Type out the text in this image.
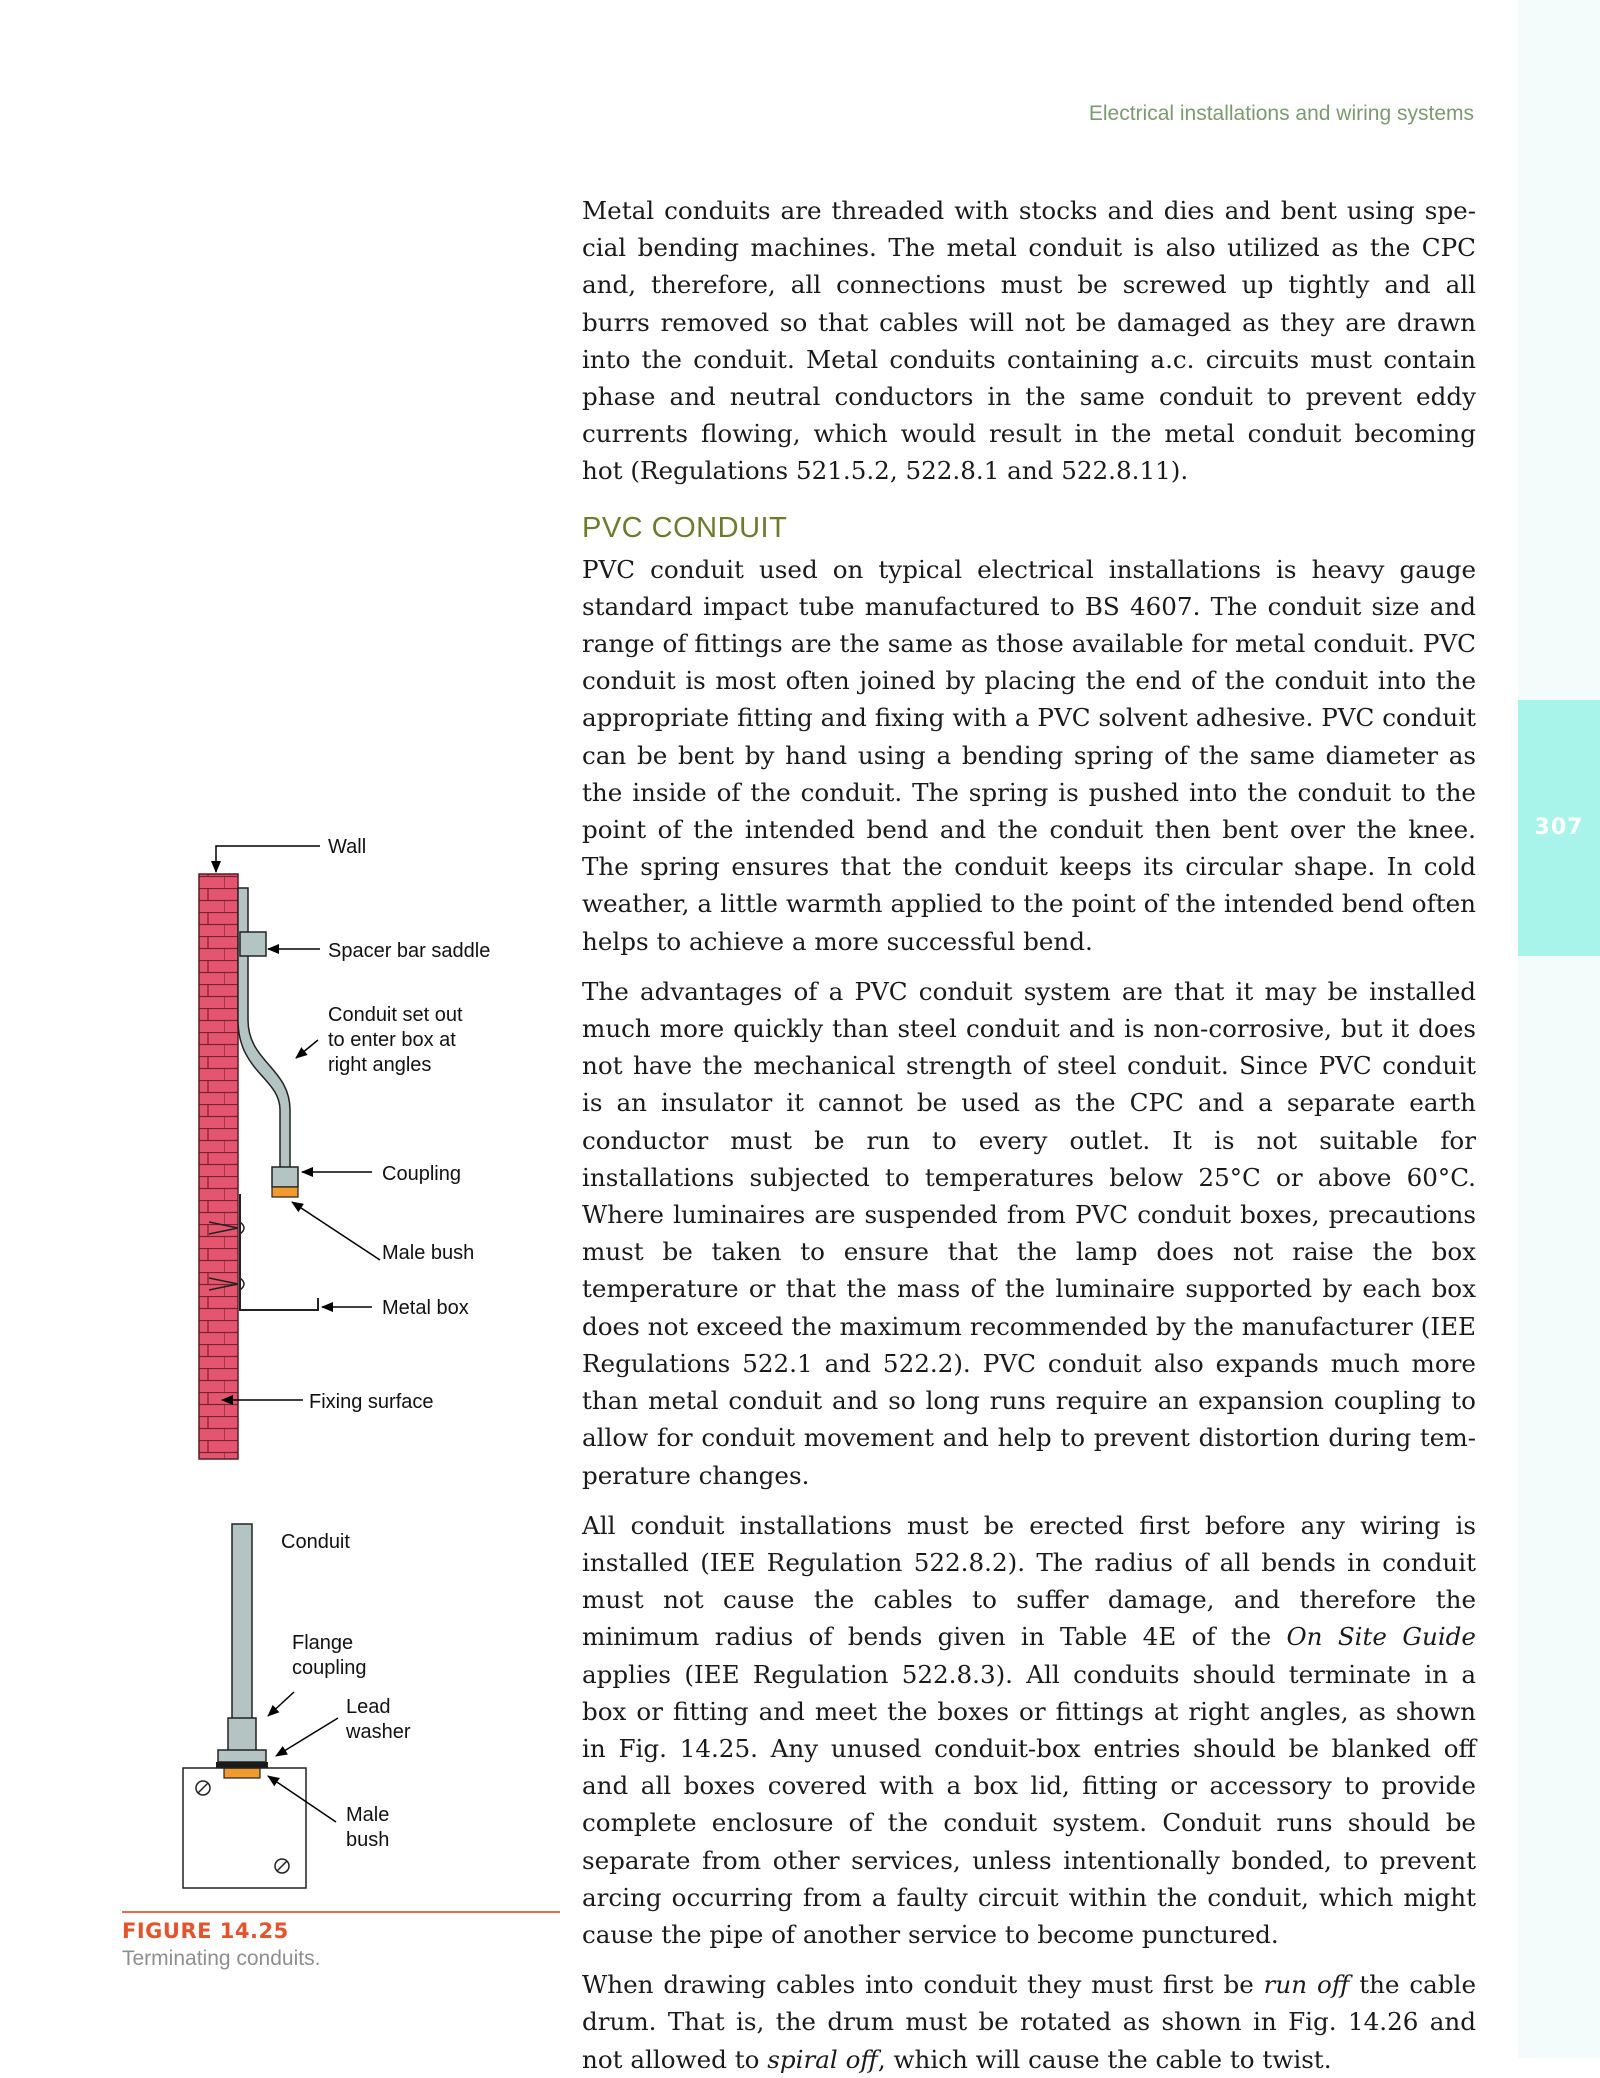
307
Electrical installations and wiring systems

Metal conduits are threaded with stocks and dies and bent using special bending machines. The metal conduit is also utilized as the CPC and, therefore, all connections must be screwed up tightly and all burrs removed so that cables will not be damaged as they are drawn into the conduit. Metal conduits containing a.c. circuits must contain phase and neutral conductors in the same conduit to prevent eddy currents flowing, which would result in the metal conduit becoming hot (Regulations 521.5.2, 522.8.1 and 522.8.11).

PVC CONDUIT

PVC conduit used on typical electrical installations is heavy gauge standard impact tube manufactured to BS 4607. The conduit size and range of fittings are the same as those available for metal conduit. PVC conduit is most often joined by placing the end of the conduit into the appropriate fitting and fixing with a PVC solvent adhesive. PVC conduit can be bent by hand using a bending spring of the same diameter as the inside of the conduit. The spring is pushed into the conduit to the point of the intended bend and the conduit then bent over the knee. The spring ensures that the conduit keeps its circular shape. In cold weather, a little warmth applied to the point of the intended bend often helps to achieve a more successful bend.

The advantages of a PVC conduit system are that it may be installed much more quickly than steel conduit and is non-corrosive, but it does not have the mechanical strength of steel conduit. Since PVC conduit is an insulator it cannot be used as the CPC and a separate earth conductor must be run to every outlet. It is not suitable for installations subjected to temperatures below 25°C or above 60°C. Where luminaires are suspended from PVC conduit boxes, precautions must be taken to ensure that the lamp does not raise the box temperature or that the mass of the luminaire supported by each box does not exceed the maximum recommended by the manufacturer (IEE Regulations 522.1 and 522.2). PVC conduit also expands much more than metal conduit and so long runs require an expansion coupling to allow for conduit movement and help to prevent distortion during temperature changes.

All conduit installations must be erected first before any wiring is installed (IEE Regulation 522.8.2). The radius of all bends in conduit must not cause the cables to suffer damage, and therefore the minimum radius of bends given in Table 4E of the On Site Guide applies (IEE Regulation 522.8.3). All conduits should terminate in a box or fitting and meet the boxes or fittings at right angles, as shown in Fig. 14.25. Any unused conduit-box entries should be blanked off and all boxes covered with a box lid, fitting or accessory to provide complete enclosure of the conduit system. Conduit runs should be separate from other services, unless intentionally bonded, to prevent arcing occurring from a faulty circuit within the conduit, which might cause the pipe of another service to become punctured.

When drawing cables into conduit they must first be run off the cable drum. That is, the drum must be rotated as shown in Fig. 14.26 and not allowed to spiral off, which will cause the cable to twist.

Wall
Spacer bar saddle
Conduit set out
to enter box at
right angles
Coupling
Male bush
Metal box
Fixing surface
Conduit
Flange
coupling
Lead
washer
Male
bush
FIGURE 14.25
Terminating conduits.
